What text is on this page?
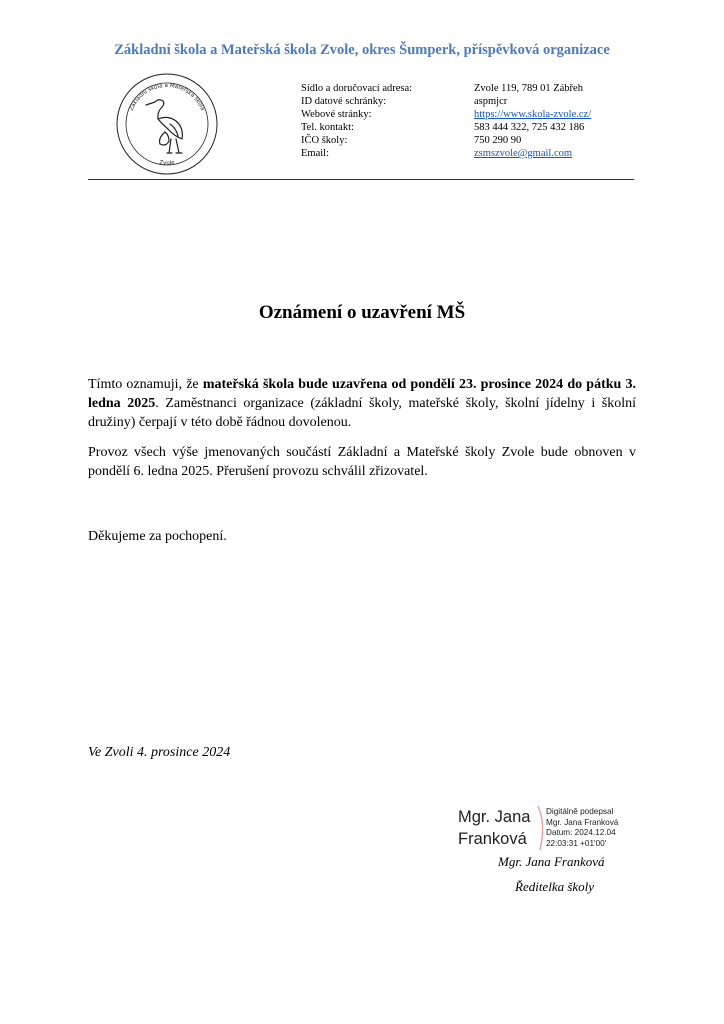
Základní škola a Mateřská škola Zvole, okres Šumperk, příspěvková organizace
Základní škola a Mateřská škola
Zvole
Sídlo a doručovací adresa:	Zvole 119, 789 01 Zábřeh
ID datové schránky:	aspmjcr
Webové stránky:	https://www.skola-zvole.cz/
Tel. kontakt:	583 444 322, 725 432 186
IČO školy:	750 290 90
Email:	zsmszvole@gmail.com
Oznámení o uzavření MŠ
Tímto oznamuji, že mateřská škola bude uzavřena od pondělí 23. prosince 2024 do pátku 3. ledna 2025. Zaměstnanci organizace (základní školy, mateřské školy, školní jídelny i školní družiny) čerpají v této době řádnou dovolenou.
Provoz všech výše jmenovaných součástí Základní a Mateřské školy Zvole bude obnoven v pondělí 6. ledna 2025. Přerušení provozu schválil zřizovatel.
Děkujeme za pochopení.
Ve Zvoli 4. prosince 2024
Mgr. Jana
Franková
Digitálně podepsal
Mgr. Jana Franková
Datum: 2024.12.04
22:03:31 +01'00'
Mgr. Jana Franková
Ředitelka školy
